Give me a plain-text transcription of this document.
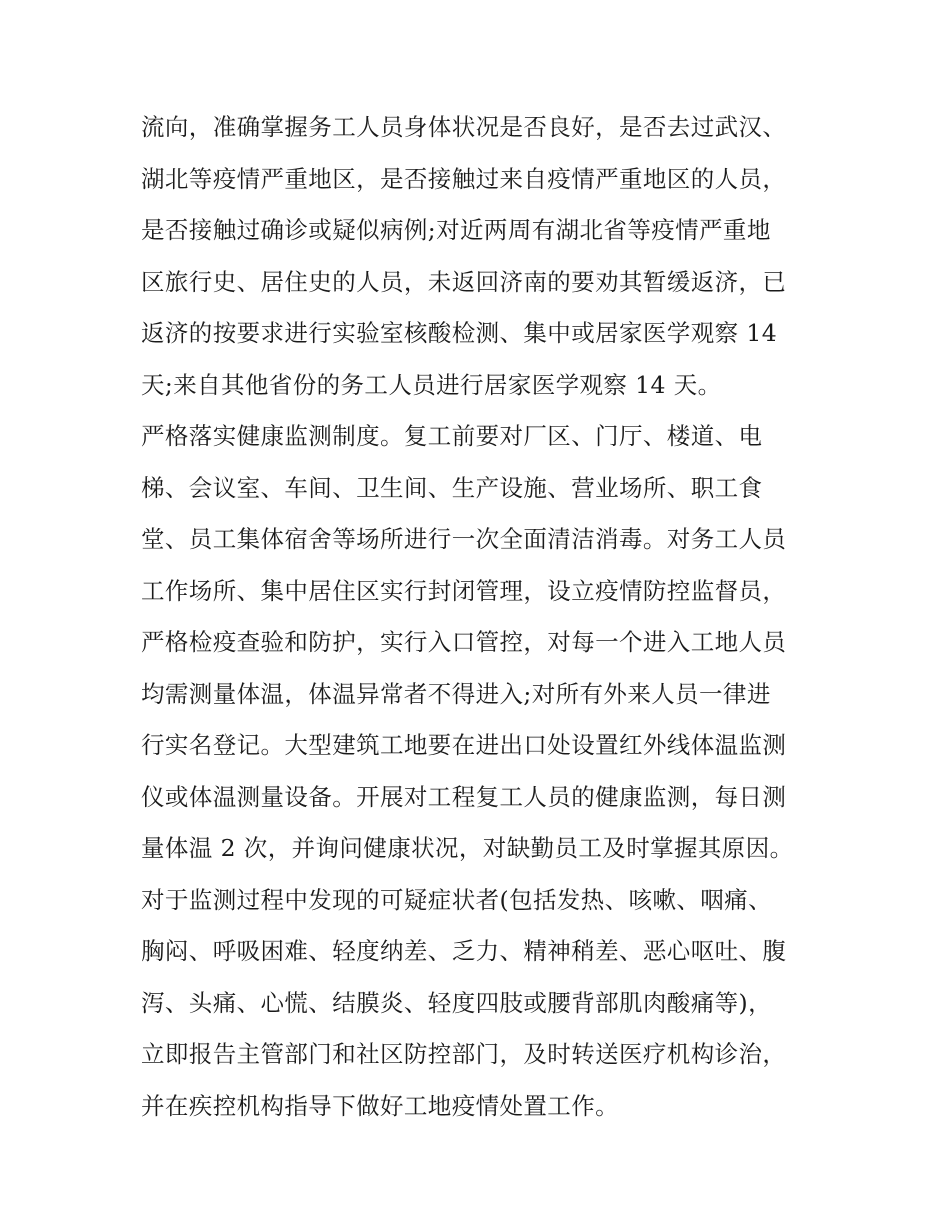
流向，准确掌握务工人员身体状况是否良好，是否去过武汉、
湖北等疫情严重地区，是否接触过来自疫情严重地区的人员，
是否接触过确诊或疑似病例;对近两周有湖北省等疫情严重地
区旅行史、居住史的人员，未返回济南的要劝其暂缓返济，已
返济的按要求进行实验室核酸检测、集中或居家医学观察 14
天;来自其他省份的务工人员进行居家医学观察 14 天。
严格落实健康监测制度。复工前要对厂区、门厅、楼道、电
梯、会议室、车间、卫生间、生产设施、营业场所、职工食
堂、员工集体宿舍等场所进行一次全面清洁消毒。对务工人员
工作场所、集中居住区实行封闭管理，设立疫情防控监督员，
严格检疫查验和防护，实行入口管控，对每一个进入工地人员
均需测量体温，体温异常者不得进入;对所有外来人员一律进
行实名登记。大型建筑工地要在进出口处设置红外线体温监测
仪或体温测量设备。开展对工程复工人员的健康监测，每日测
量体温 2 次，并询问健康状况，对缺勤员工及时掌握其原因。
对于监测过程中发现的可疑症状者(包括发热、咳嗽、咽痛、
胸闷、呼吸困难、轻度纳差、乏力、精神稍差、恶心呕吐、腹
泻、头痛、心慌、结膜炎、轻度四肢或腰背部肌肉酸痛等)，
立即报告主管部门和社区防控部门，及时转送医疗机构诊治，
并在疾控机构指导下做好工地疫情处置工作。
